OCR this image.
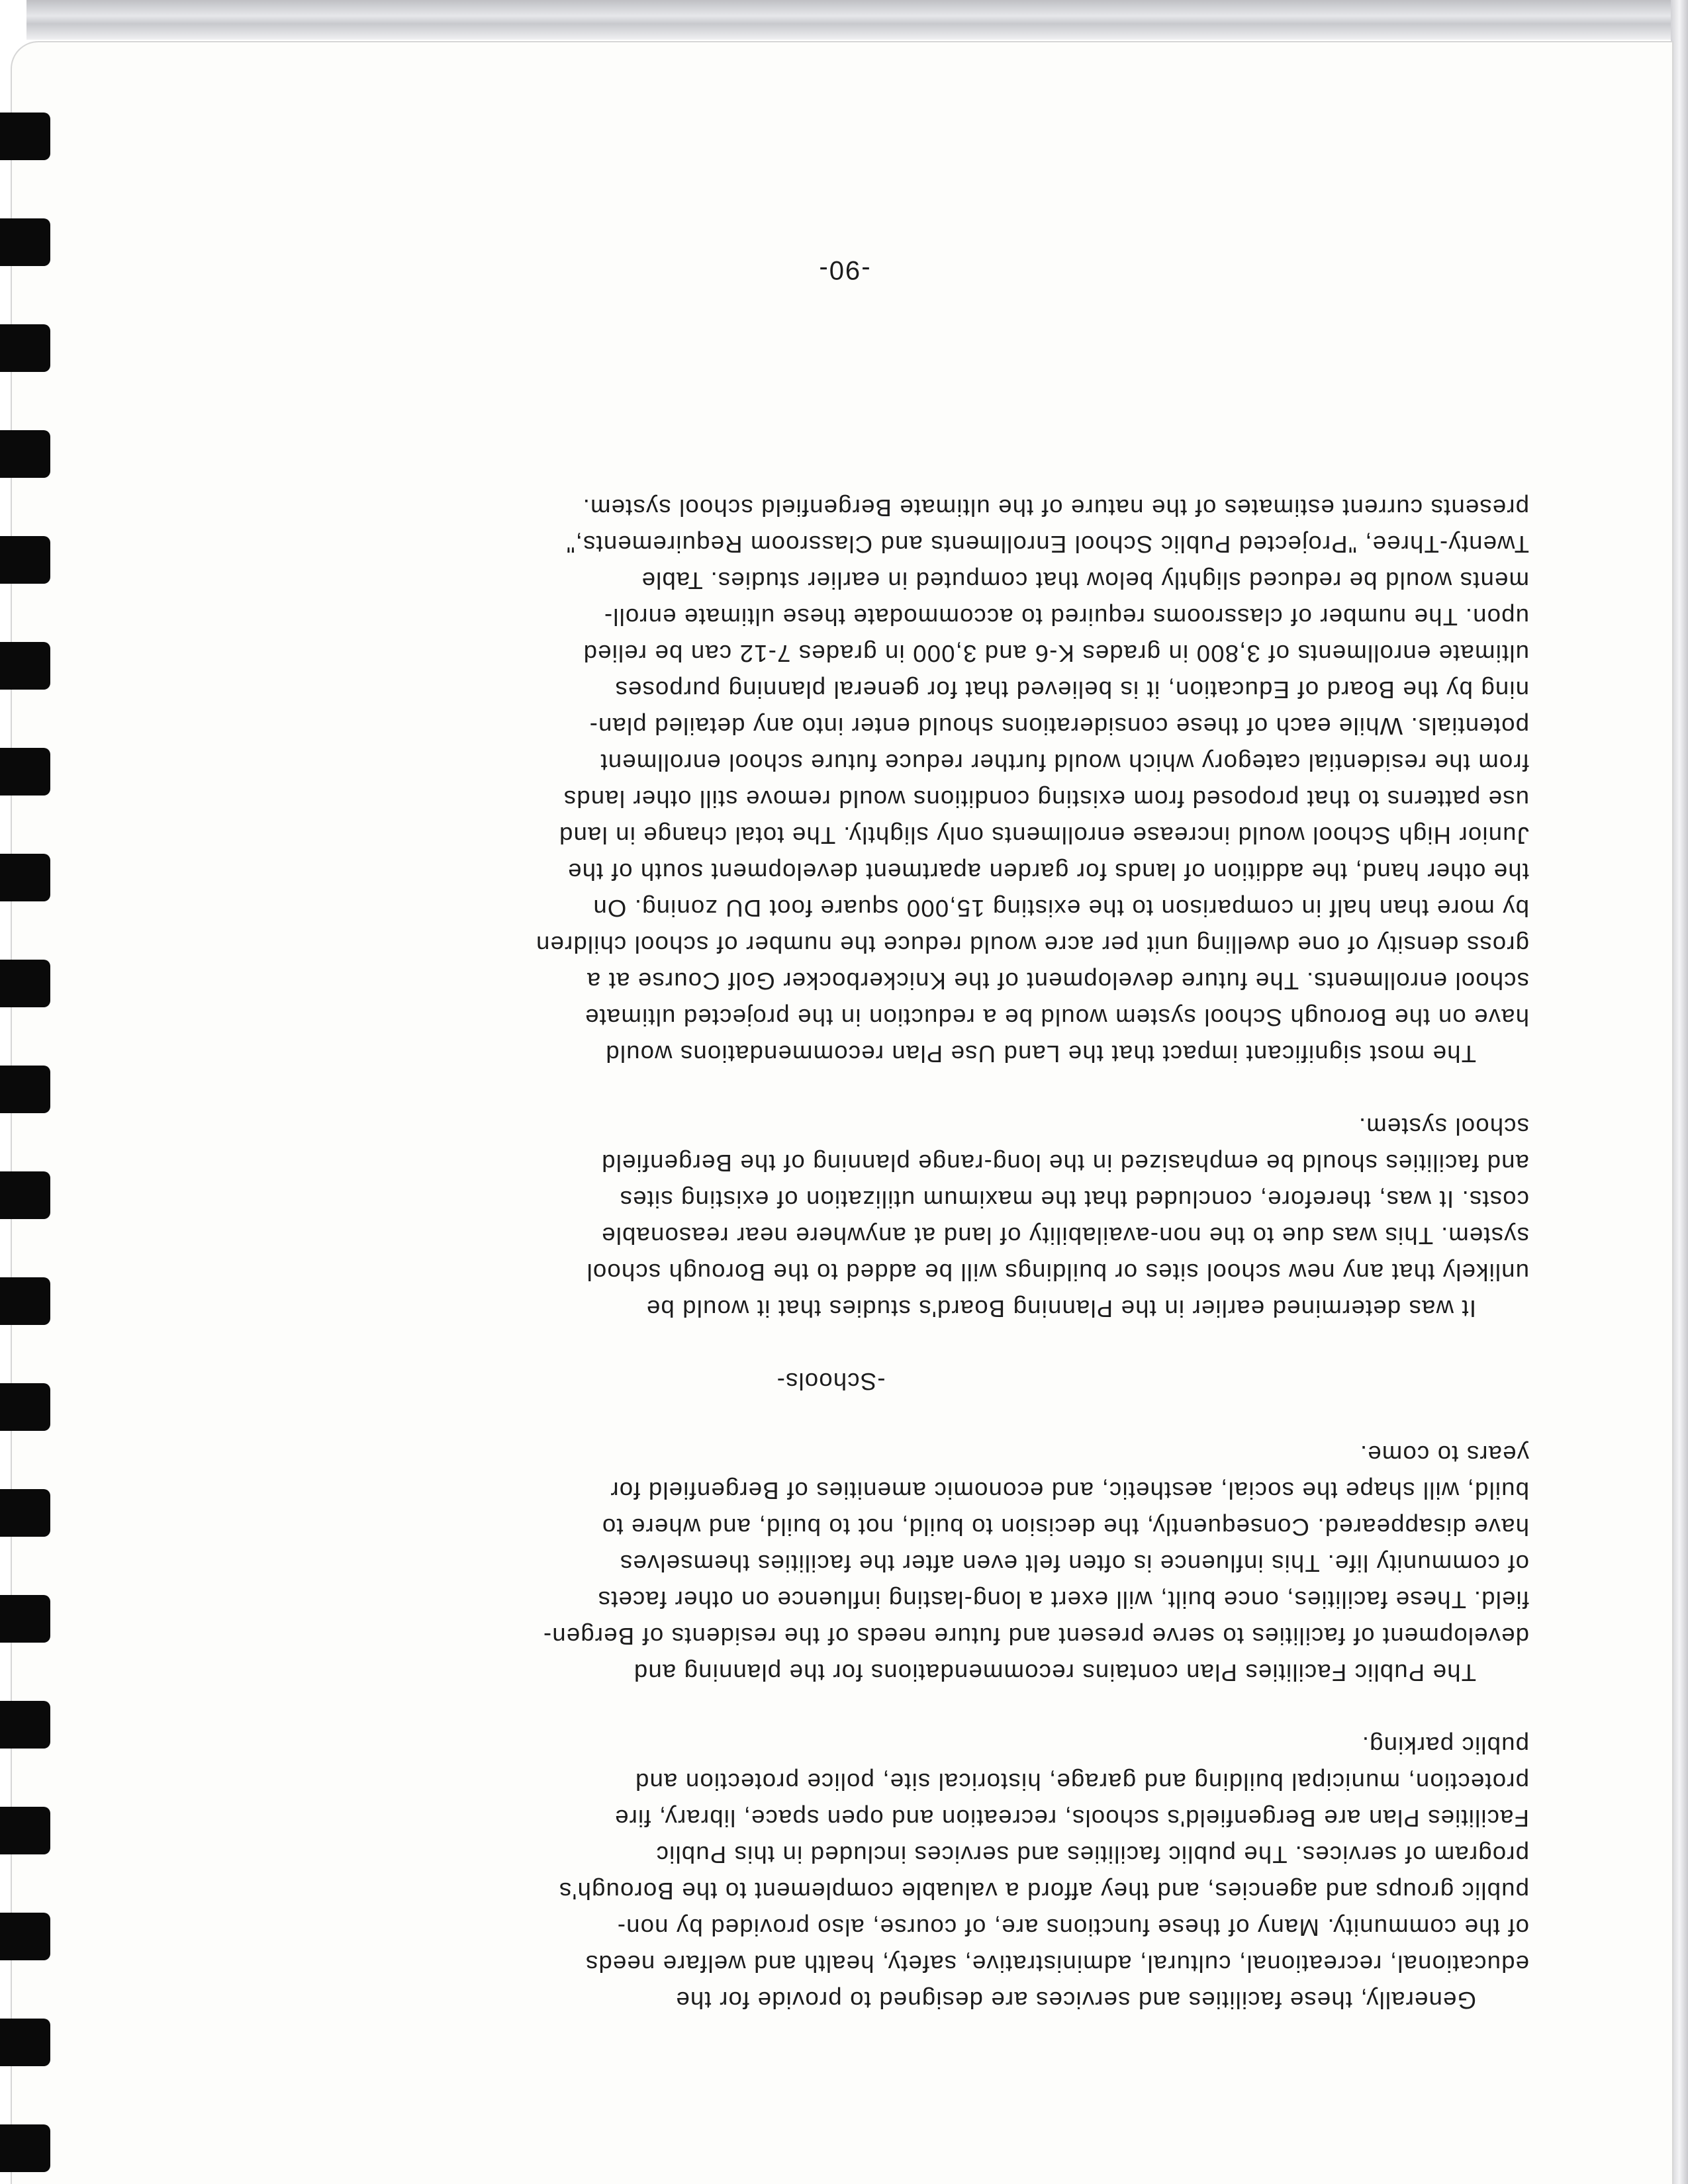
Generally, these facilities and services are designed to provide for the
educational, recreational, cultural, administrative, safety, health and welfare needs
of the community. Many of these functions are, of course, also provided by non-
public groups and agencies, and they afford a valuable complement to the Borough's
program of services. The public facilities and services included in this Public
Facilities Plan are Bergenfield's schools, recreation and open space, library, fire
protection, municipal building and garage, historical site, police protection and
public parking.

The Public Facilities Plan contains recommendations for the planning and
development of facilities to serve present and future needs of the residents of Bergen-
field. These facilities, once built, will exert a long-lasting influence on other facets
of community life. This influence is often felt even after the facilities themselves
have disappeared. Consequently, the decision to build, not to build, and where to
build, will shape the social, aesthetic, and economic amenities of Bergenfield for
years to come.

-Schools-

It was determined earlier in the Planning Board's studies that it would be
unlikely that any new school sites or buildings will be added to the Borough school
system. This was due to the non-availability of land at anywhere near reasonable
costs. It was, therefore, concluded that the maximum utilization of existing sites
and facilities should be emphasized in the long-range planning of the Bergenfield
school system.

The most significant impact that the Land Use Plan recommendations would
have on the Borough School system would be a reduction in the projected ultimate
school enrollments. The future development of the Knickerbocker Golf Course at a
gross density of one dwelling unit per acre would reduce the number of school children
by more than half in comparison to the existing 15,000 square foot DU zoning. On
the other hand, the addition of lands for garden apartment development south of the
Junior High School would increase enrollments only slightly. The total change in land
use patterns to that proposed from existing conditions would remove still other lands
from the residential category which would further reduce future school enrollment
potentials. While each of these considerations should enter into any detailed plan-
ning by the Board of Education, it is believed that for general planning purposes
ultimate enrollments of 3,800 in grades K-6 and 3,000 in grades 7-12 can be relied
upon. The number of classrooms required to accommodate these ultimate enroll-
ments would be reduced slightly below that computed in earlier studies. Table
Twenty-Three, "Projected Public School Enrollments and Classroom Requirements,"
presents current estimates of the nature of the ultimate Bergenfield school system.

-90-
